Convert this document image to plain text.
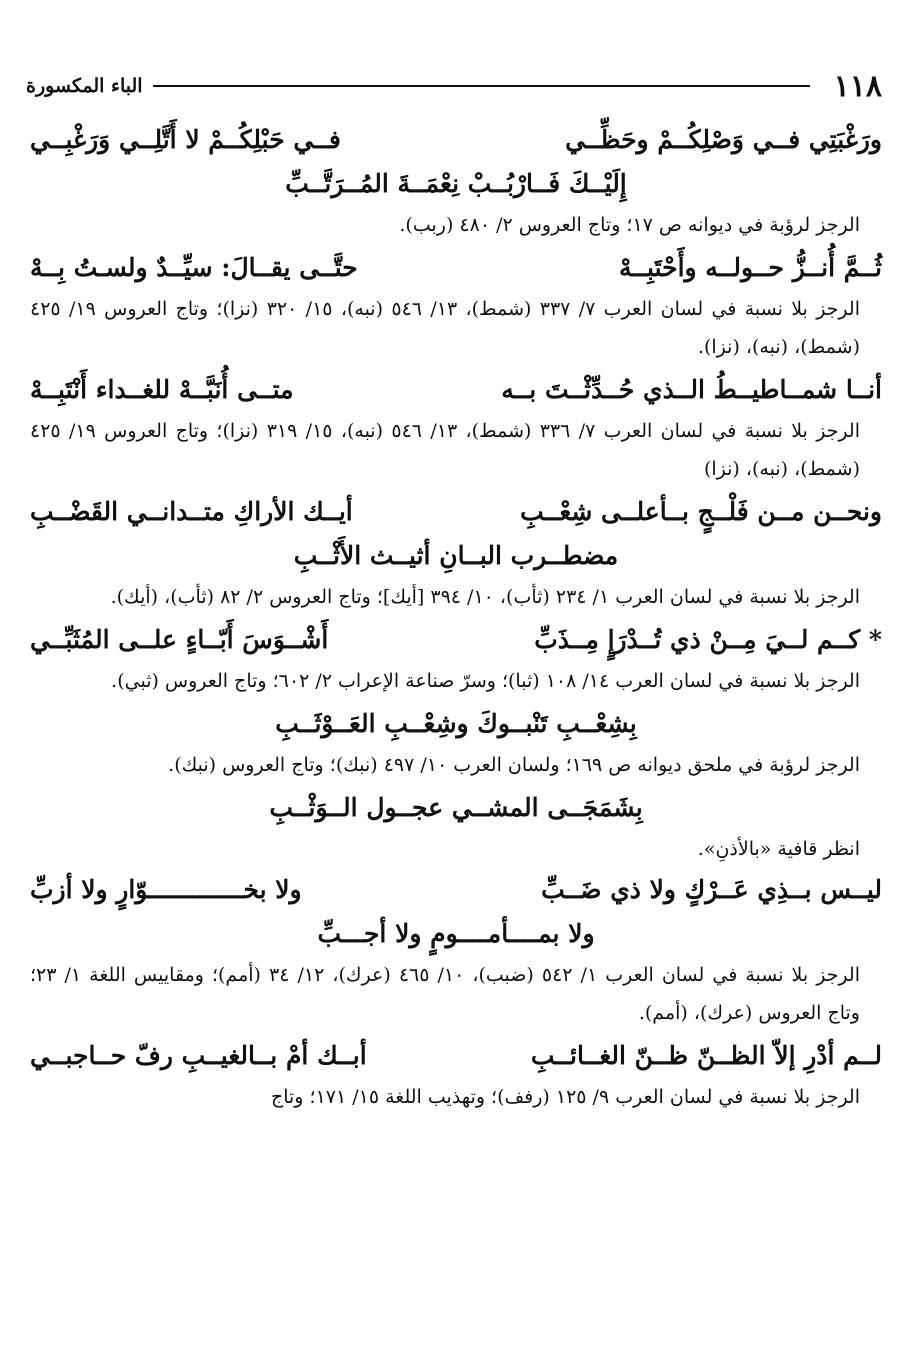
١١٨
الباء المكسورة
ورَغْبَتِي فــي وَصْلِكُــمْ وحَظِّــي
فــي حَبْلِكُــمْ لا أَتَّلِــي وَرَغْبِــي
إِلَيْــكَ فَــارْبُــبْ نِعْمَــةَ المُــرَتَّــبِّ
الرجز لرؤبة في ديوانه ص ١٧؛ وتاج العروس ٢/ ٤٨٠ (ربب).
ثُــمَّ أُنــزُّ حــولــه وأَحْتَبِــهْ
حتَّــى يقــالَ: سيِّــدٌ ولسـتُ بِــهْ
الرجز بلا نسبة في لسان العرب ٧/ ٣٣٧ (شمط)، ١٣/ ٥٤٦ (نبه)، ١٥/ ٣٢٠ (نزا)؛ وتاج العروس ١٩/ ٤٢٥ (شمط)، (نبه)، (نزا).
أنــا شمــاطيــطُ الــذي حُــدِّثْــتَ بــه
متــى أُنَبَّــهْ للغــداء أَنْتَبِــهْ
الرجز بلا نسبة في لسان العرب ٧/ ٣٣٦ (شمط)، ١٣/ ٥٤٦ (نبه)، ١٥/ ٣١٩ (نزا)؛ وتاج العروس ١٩/ ٤٢٥ (شمط)، (نبه)، (نزا)
ونحــن مــن فَلْــجٍ بــأعلــى شِعْــبِ
أيــك الأراكِ متــدانــي القَضْــبِ
مضطــرب البــانِ أثيــث الأَثْــبِ
الرجز بلا نسبة في لسان العرب ١/ ٢٣٤ (ثأب)، ١٠/ ٣٩٤ [أيك]؛ وتاج العروس ٢/ ٨٢ (ثأب)، (أيك).
* كــم لــيَ مِــنْ ذي تُــدْرَإٍ مِــذَبِّ
أَشْــوَسَ أَبّــاءٍ علــى المُثَبِّــي
الرجز بلا نسبة في لسان العرب ١٤/ ١٠٨ (ثبا)؛ وسرّ صناعة الإعراب ٢/ ٦٠٢؛ وتاج العروس (ثبي).
بِشِعْــبِ تَنْبــوكَ وشِعْــبِ العَــوْثَــبِ
الرجز لرؤبة في ملحق ديوانه ص ١٦٩؛ ولسان العرب ١٠/ ٤٩٧ (نبك)؛ وتاج العروس (نبك).
بِشَمَجَــى المشــي عجــول الــوَثْــبِ
انظر قافية «بالأذنِ».
ليــس بــذِي عَــرْكٍ ولا ذي ضَــبِّ
ولا بخـــــــــــــوّارٍ ولا أزبِّ
ولا بمــــأمــــومٍ ولا أجـــبِّ
الرجز بلا نسبة في لسان العرب ١/ ٥٤٢ (ضبب)، ١٠/ ٤٦٥ (عرك)، ١٢/ ٣٤ (أمم)؛ ومقاييس اللغة ١/ ٢٣؛ وتاج العروس (عرك)، (أمم).
لــم أدْرِ إلاّ الظــنّ ظــنّ الغــائــبِ
أبــك أمْ بــالغيــبِ رفّ حــاجبــي
الرجز بلا نسبة في لسان العرب ٩/ ١٢٥ (رفف)؛ وتهذيب اللغة ١٥/ ١٧١؛ وتاج
